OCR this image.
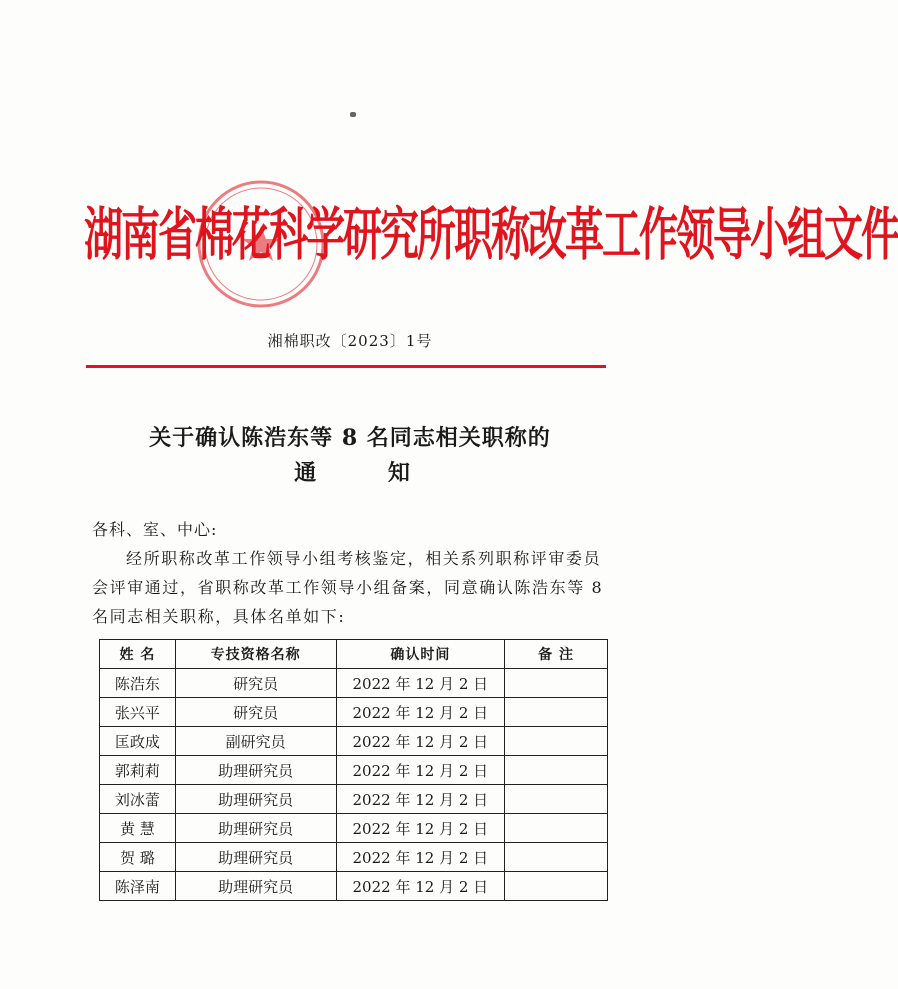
湖南省棉花科学研究所职称改革工作领导小组文件
湘棉职改〔2023〕1号
关于确认陈浩东等 8 名同志相关职称的
通 知
各科、室、中心:
经所职称改革工作领导小组考核鉴定，相关系列职称评审委员会评审通过，省职称改革工作领导小组备案，同意确认陈浩东等 8 名同志相关职称，具体名单如下:
姓 名	专技资格名称	确认时间	备 注
陈浩东	研究员	2022 年 12 月 2 日	
张兴平	研究员	2022 年 12 月 2 日	
匡政成	副研究员	2022 年 12 月 2 日	
郭莉莉	助理研究员	2022 年 12 月 2 日	
刘冰蕾	助理研究员	2022 年 12 月 2 日	
黄 慧	助理研究员	2022 年 12 月 2 日	
贺 璐	助理研究员	2022 年 12 月 2 日	
陈泽南	助理研究员	2022 年 12 月 2 日	
